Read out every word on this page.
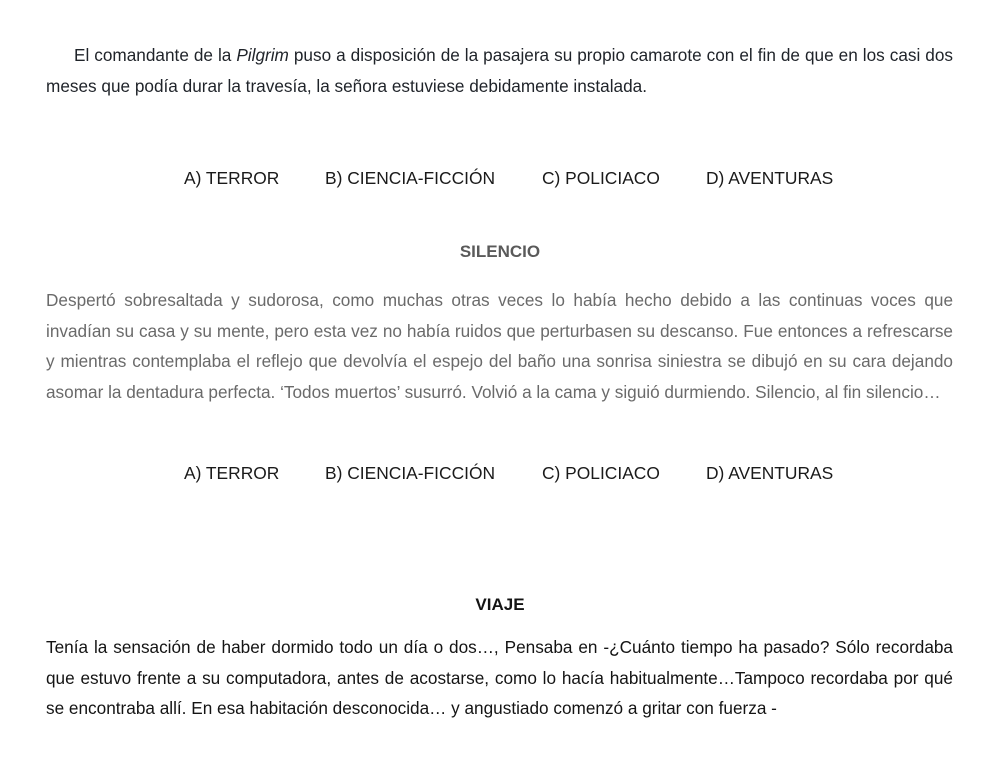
El comandante de la Pilgrim puso a disposición de la pasajera su propio camarote con el fin de que en los casi dos meses que podía durar la travesía, la señora estuviese debidamente instalada.

A) TERROR	B) CIENCIA-FICCIÓN	C) POLICIACO	D) AVENTURAS
SILENCIO

Despertó sobresaltada y sudorosa, como muchas otras veces lo había hecho debido a las continuas voces que invadían su casa y su mente, pero esta vez no había ruidos que perturbasen su descanso. Fue entonces a refrescarse y mientras contemplaba el reflejo que devolvía el espejo del baño una sonrisa siniestra se dibujó en su cara dejando asomar la dentadura perfecta. ‘Todos muertos’ susurró. Volvió a la cama y siguió durmiendo. Silencio, al fin silencio…

A) TERROR	B) CIENCIA-FICCIÓN	C) POLICIACO	D) AVENTURAS
VIAJE

Tenía la sensación de haber dormido todo un día o dos…, Pensaba en -¿Cuánto tiempo ha pasado? Sólo recordaba que estuvo frente a su computadora, antes de acostarse, como lo hacía habitualmente…Tampoco recordaba por qué se encontraba allí. En esa habitación desconocida… y angustiado comenzó a gritar con fuerza -
